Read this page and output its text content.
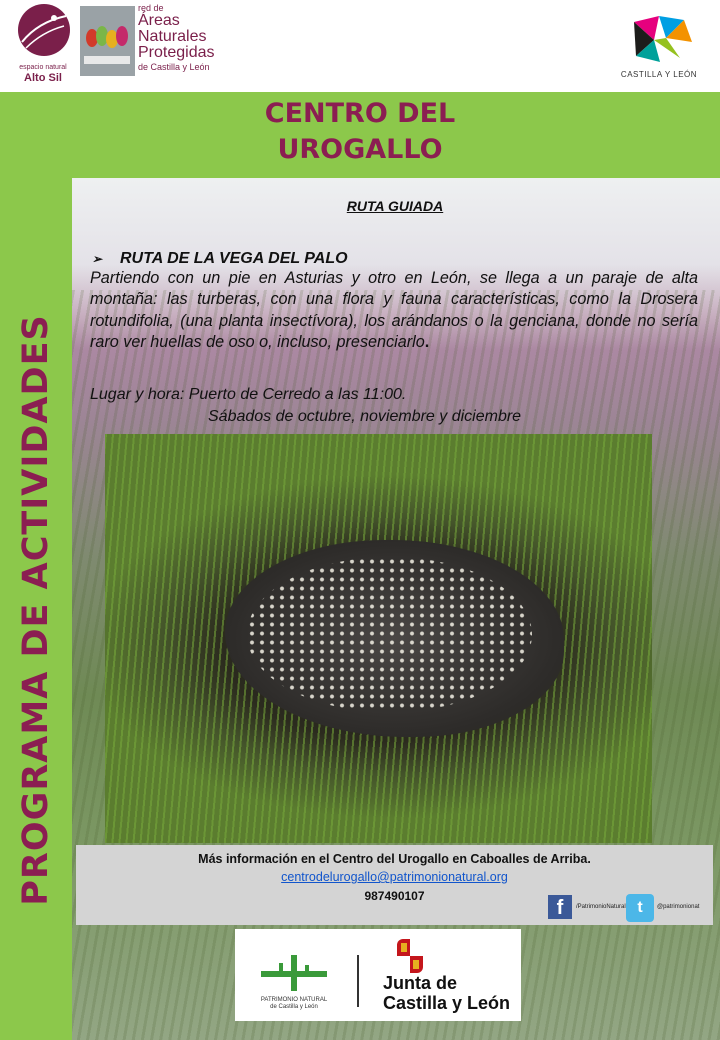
espacio natural
Alto Sil
red de
Áreas
Naturales
Protegidas
de Castilla y León
CASTILLA Y LEÓN
CENTRO DEL
UROGALLO
PROGRAMA DE ACTIVIDADES
RUTA GUIADA
➢ RUTA DE LA VEGA DEL PALO
Partiendo con un pie en Asturias y otro en León, se llega a un paraje de alta montaña: las turberas, con una flora y fauna características, como la Drosera rotundifolia, (una planta insectívora), los arándanos o la genciana, donde no sería raro ver huellas de oso o, incluso, presenciarlo.
Lugar y hora: Puerto de Cerredo a las 11:00.
Sábados de octubre, noviembre y diciembre
Más información en el Centro del Urogallo en Caboalles de Arriba.
centrodelurogallo@patrimonionatural.org
987490107
f	/PatrimonioNatural t	@patrimonionat
PATRIMONIO NATURAL de Castilla y León
Junta de
Castilla y León
